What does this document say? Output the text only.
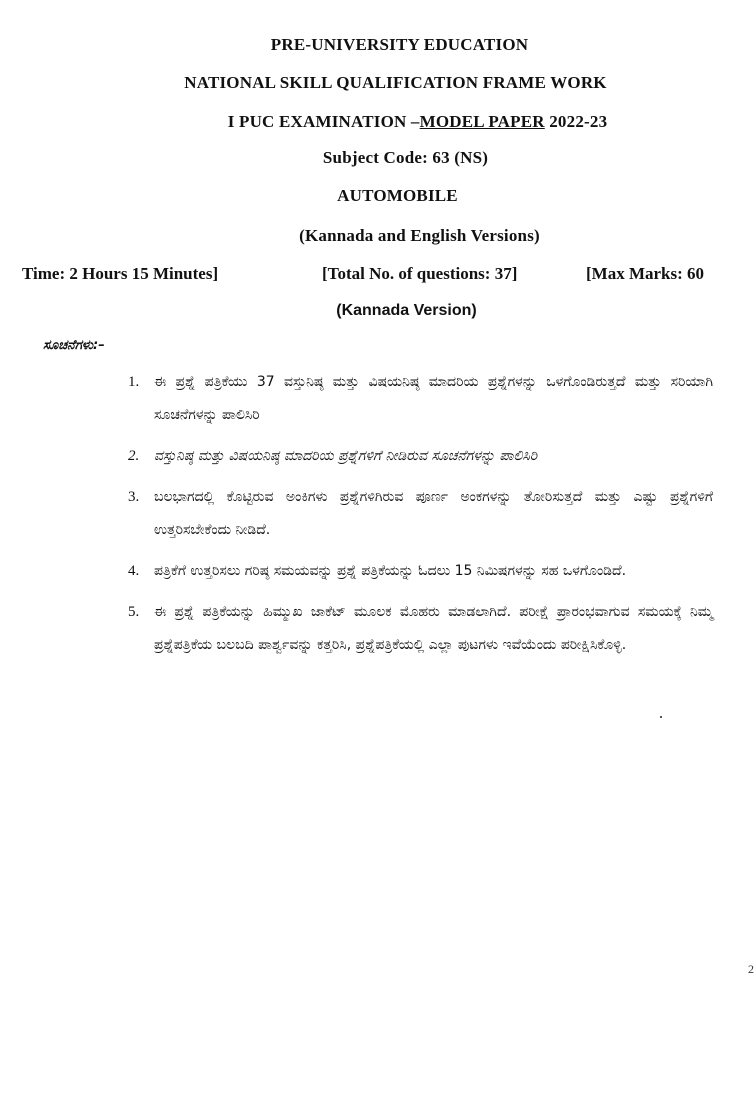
PRE-UNIVERSITY EDUCATION
NATIONAL SKILL QUALIFICATION FRAME WORK
I PUC EXAMINATION –MODEL PAPER 2022-23
Subject Code: 63 (NS)
AUTOMOBILE
(Kannada and English Versions)
Time: 2 Hours 15 Minutes]	[Total No. of questions: 37]	[Max Marks: 60
(Kannada Version)
ಸೂಚನೆಗಳು:–
1. ಈ ಪ್ರಶ್ನೆ ಪತ್ರಿಕೆಯು 37 ವಸ್ತುನಿಷ್ಠ ಮತ್ತು ವಿಷಯನಿಷ್ಠ ಮಾದರಿಯ ಪ್ರಶ್ನೆಗಳನ್ನು ಒಳಗೊಂಡಿರುತ್ತದೆ ಮತ್ತು ಸರಿಯಾಗಿ ಸೂಚನೆಗಳನ್ನು ಪಾಲಿಸಿರಿ
2. ವಸ್ತುನಿಷ್ಠ ಮತ್ತು ವಿಷಯನಿಷ್ಠ ಮಾದರಿಯ ಪ್ರಶ್ನೆಗಳಿಗೆ ನೀಡಿರುವ ಸೂಚನೆಗಳನ್ನು ಪಾಲಿಸಿರಿ
3. ಬಲಭಾಗದಲ್ಲಿ ಕೊಟ್ಟಿರುವ ಅಂಕಿಗಳು ಪ್ರಶ್ನೆಗಳಿಗಿರುವ ಪೂರ್ಣ ಅಂಕಗಳನ್ನು ತೋರಿಸುತ್ತದೆ ಮತ್ತು ಎಷ್ಟು ಪ್ರಶ್ನೆಗಳಿಗೆ ಉತ್ತರಿಸಬೇಕೆಂದು ನೀಡಿದೆ.
4. ಪತ್ರಿಕೆಗೆ ಉತ್ತರಿಸಲು ಗರಿಷ್ಠ ಸಮಯವನ್ನು ಪ್ರಶ್ನೆ ಪತ್ರಿಕೆಯನ್ನು ಓದಲು 15 ನಿಮಿಷಗಳನ್ನು ಸಹ ಒಳಗೊಂಡಿದೆ.
5. ಈ ಪ್ರಶ್ನೆ ಪತ್ರಿಕೆಯನ್ನು ಹಿಮ್ಮುಖ ಜಾಕೆಟ್ ಮೂಲಕ ಮೊಹರು ಮಾಡಲಾಗಿದೆ. ಪರೀಕ್ಷೆ ಪ್ರಾರಂಭವಾಗುವ ಸಮಯಕ್ಕೆ ನಿಮ್ಮ ಪ್ರಶ್ನೆಪತ್ರಿಕೆಯ ಬಲಬದಿ ಪಾರ್ಶ್ವವನ್ನು ಕತ್ತರಿಸಿ, ಪ್ರಶ್ನೆಪತ್ರಿಕೆಯಲ್ಲಿ ಎಲ್ಲಾ ಪುಟಗಳು ಇವೆಯೆಂದು ಪರೀಕ್ಷಿಸಿಕೊಳ್ಳಿ.
2
